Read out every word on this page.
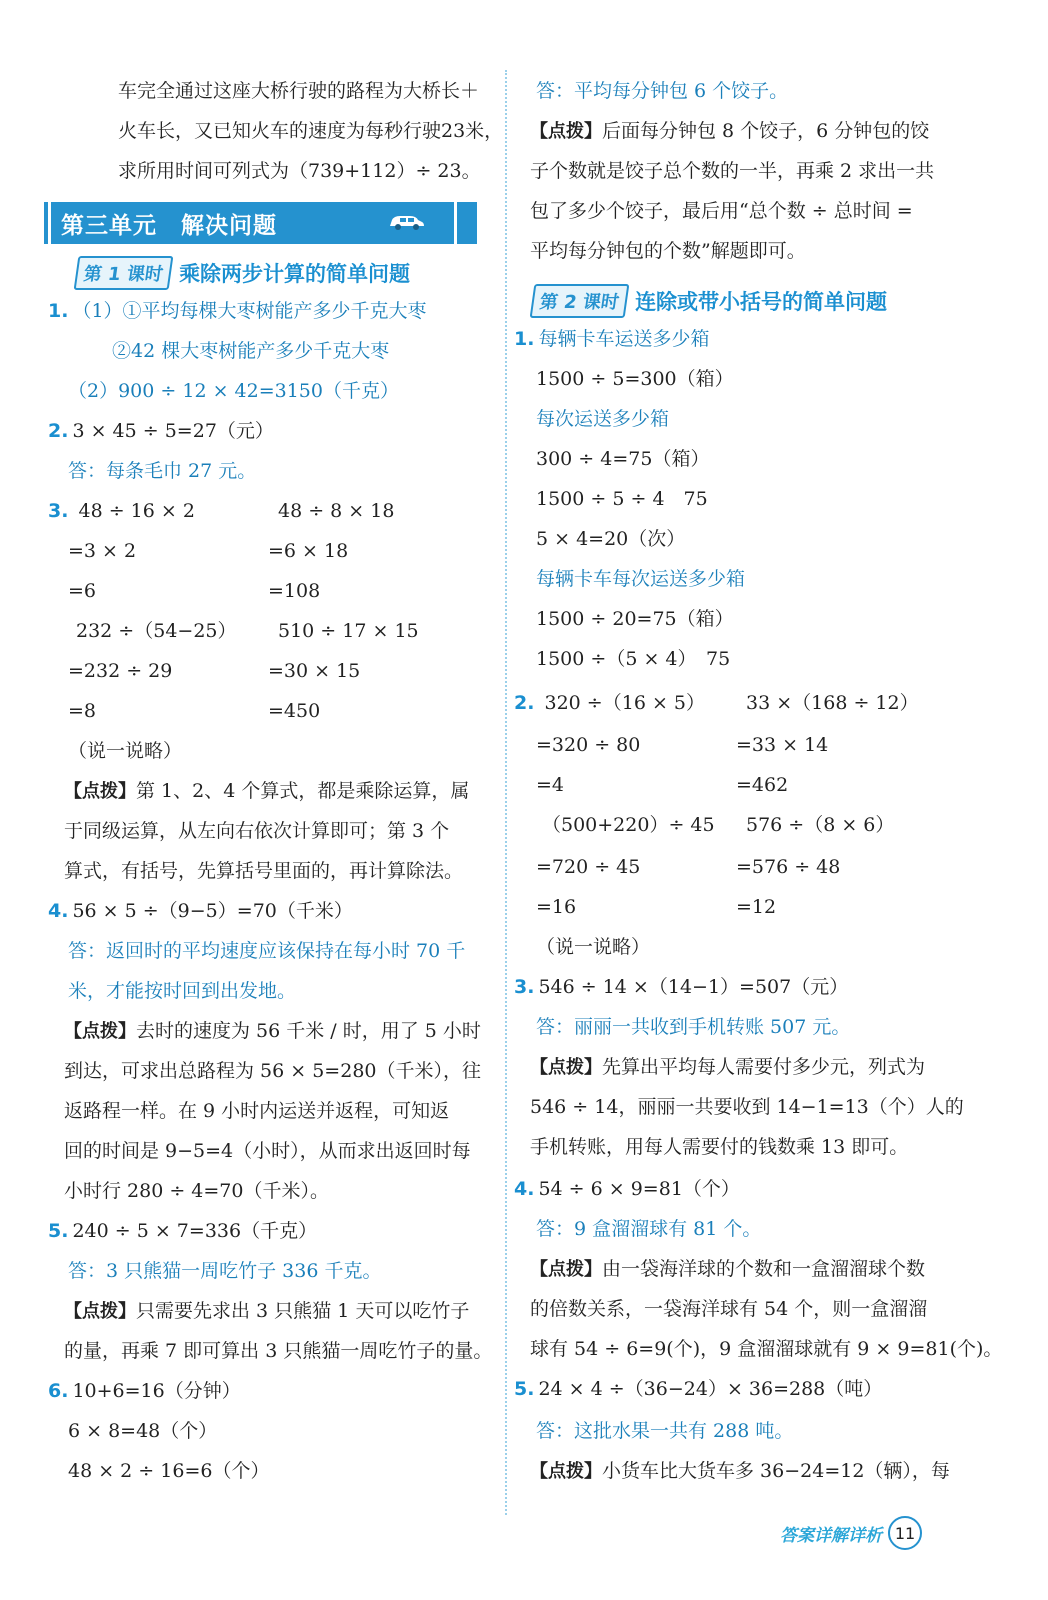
车完全通过这座大桥行驶的路程为大桥长＋
火车长，又已知火车的速度为每秒行驶23米，
求所用时间可列式为（739+112）÷ 23。
第三单元　解决问题
第 1 课时 乘除两步计算的简单问题
1. （1）①平均每棵大枣树能产多少千克大枣
②42 棵大枣树能产多少千克大枣
（2）900 ÷ 12 × 42=3150（千克）
2. 3 × 45 ÷ 5=27（元）
答：每条毛巾 27 元。
3. 48 ÷ 16 × 2	48 ÷ 8 × 18
=3 × 2	=6 × 18
=6	=108
232 ÷（54−25） 510 ÷ 17 × 15
=232 ÷ 29	=30 × 15
=8	=450
（说一说略）
【点拨】第 1、2、4 个算式，都是乘除运算，属
于同级运算，从左向右依次计算即可；第 3 个
算式，有括号，先算括号里面的，再计算除法。
4. 56 × 5 ÷（9−5）=70（千米）
答：返回时的平均速度应该保持在每小时 70 千
米，才能按时回到出发地。
【点拨】去时的速度为 56 千米 / 时，用了 5 小时
到达，可求出总路程为 56 × 5=280（千米），往
返路程一样。在 9 小时内运送并返程，可知返
回的时间是 9−5=4（小时），从而求出返回时每
小时行 280 ÷ 4=70（千米）。
5. 240 ÷ 5 × 7=336（千克）
答：3 只熊猫一周吃竹子 336 千克。
【点拨】只需要先求出 3 只熊猫 1 天可以吃竹子
的量，再乘 7 即可算出 3 只熊猫一周吃竹子的量。
6. 10+6=16（分钟）
6 × 8=48（个）
48 × 2 ÷ 16=6（个）
答：平均每分钟包 6 个饺子。
【点拨】后面每分钟包 8 个饺子，6 分钟包的饺
子个数就是饺子总个数的一半，再乘 2 求出一共
包了多少个饺子，最后用“总个数 ÷ 总时间 =
平均每分钟包的个数”解题即可。
第 2 课时 连除或带小括号的简单问题
1. 每辆卡车运送多少箱
1500 ÷ 5=300（箱）
每次运送多少箱
300 ÷ 4=75（箱）
1500 ÷ 5 ÷ 4　75
5 × 4=20（次）
每辆卡车每次运送多少箱
1500 ÷ 20=75（箱）
1500 ÷（5 × 4）　75
2. 320 ÷（16 × 5） 33 ×（168 ÷ 12）
=320 ÷ 80	=33 × 14
=4	=462
（500+220）÷ 45 576 ÷（8 × 6）
=720 ÷ 45	=576 ÷ 48
=16	=12
（说一说略）
3. 546 ÷ 14 ×（14−1）=507（元）
答：丽丽一共收到手机转账 507 元。
【点拨】先算出平均每人需要付多少元，列式为
546 ÷ 14，丽丽一共要收到 14−1=13（个）人的
手机转账，用每人需要付的钱数乘 13 即可。
4. 54 ÷ 6 × 9=81（个）
答：9 盒溜溜球有 81 个。
【点拨】由一袋海洋球的个数和一盒溜溜球个数
的倍数关系，一袋海洋球有 54 个，则一盒溜溜
球有 54 ÷ 6=9(个)，9 盒溜溜球就有 9 × 9=81(个)。
5. 24 × 4 ÷（36−24）× 36=288（吨）
答：这批水果一共有 288 吨。
【点拨】小货车比大货车多 36−24=12（辆），每
答案详解详析 11
